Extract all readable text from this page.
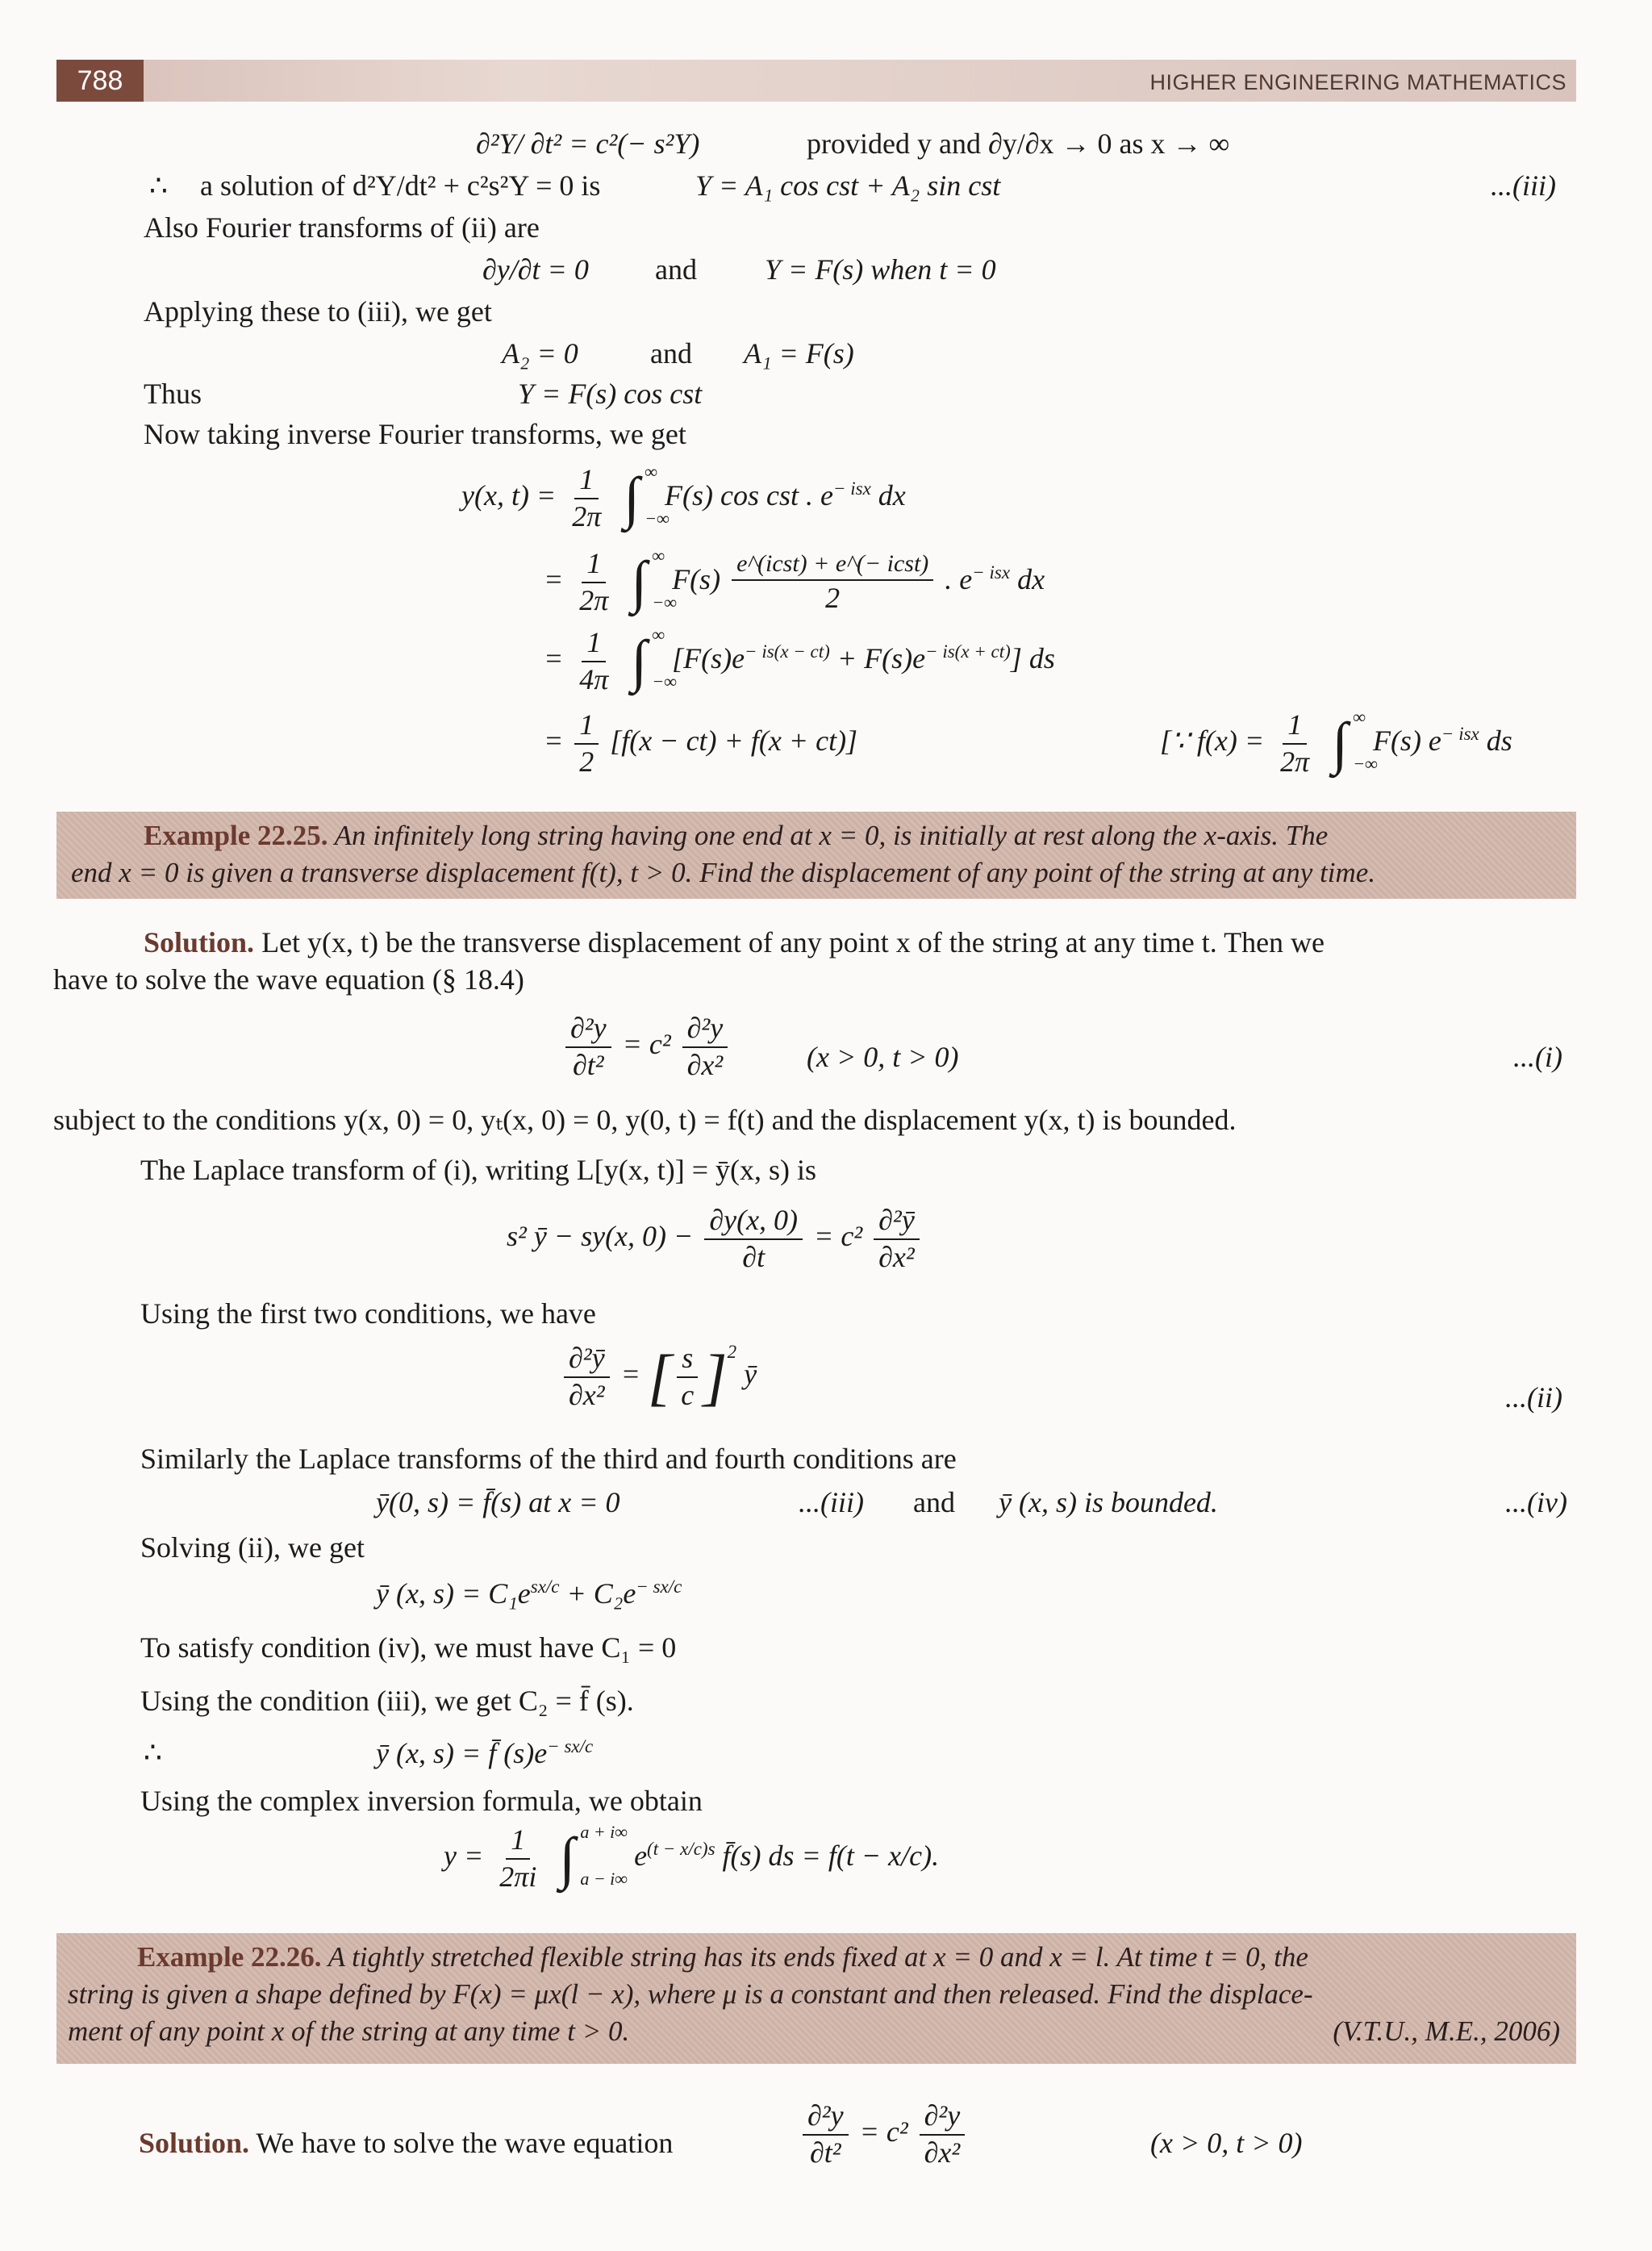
788	HIGHER ENGINEERING MATHEMATICS
∂²Y/ ∂t² = c²(− s²Y)	provided y and ∂y/∂x → 0 as x → ∞
∴ a solution of d²Y/dt² + c²s²Y = 0 is	Y = A₁ cos cst + A₂ sin cst	...(iii)
Also Fourier transforms of (ii) are
∂y/∂t = 0 and Y = F(s) when t = 0
Applying these to (iii), we get
A₂ = 0 and A₁ = F(s)
Thus	Y = F(s) cos cst
Now taking inverse Fourier transforms, we get
y(x, $t) = \frac{1}{2\pi}$ ∫ ∞
−∞
F(s) cos cst . $e^{- isx}$ dx
= $\frac{1}{2\pi}$ ∫ ∞
−∞
$F(s) \frac{\text{e\textasciicircum{}(icst) + e\textasciicircum{}(− icst)}}{2}$ . $e^{- isx}$ dx
= $\frac{1}{4\pi}$ ∫ ∞
−∞
$[F(s)e^{- is(x - ct)} + F(s)e^{- is(x + ct)}]$ ds
= $\frac{1}{2} [f(x - ct) + f(x + ct)]$	[∵ $f(x) = \frac{1}{2\pi}$ ∫ ∞
−∞
F(s) $e^{- isx}$ ds
Example 22.25. An infinitely long string having one end at x = 0, is initially at rest along the x-axis. The
end x = 0 is given a transverse displacement f(t), t > 0. Find the displacement of any point of the string at any time.
Solution. Let y(x, t) be the transverse displacement of any point x of the string at any time t. Then we
have to solve the wave equation (§ 18.4)
$\frac{\text{∂²y}}{\text{∂t²}} = c^2 \frac{\text{∂²y}}{\text{∂x²}}$	(x > 0, t > 0)	...(i)
subject to the conditions y(x, 0) = 0, yₜ(x, 0) = 0, y(0, t) = f(t) and the displacement y(x, t) is bounded.
The Laplace transform of (i), writing L[y(x, t)] = ȳ(x, s) is
s² ȳ − sy(x, $0) - \frac{\partial y(x, 0)}{\partial t} = c^2 \frac{\text{∂²ȳ}}{\text{∂x²}}$
Using the first two conditions, we have
$\frac{\text{∂²ȳ}}{\text{∂x²}}$ = [ $\frac{s}{c} ]^2$ ȳ
...(ii)
Similarly the Laplace transforms of the third and fourth conditions are
ȳ(0, s) = f̄(s) at x = 0	...(iii) and ȳ (x, s) is bounded.	...(iv)
Solving (ii), we get
ȳ (x, $s) = C_1e^{sx/c} + C_2e^{- sx/c}$
To satisfy condition (iv), we must have C₁ = 0
Using the condition (iii), we get C₂ = f̄ (s).
∴	ȳ (x, s) = f̄ $(s)e^{- sx/c}$
Using the complex inversion formula, we obtain
$y = \frac{1}{2\pi i}$ ∫ a + i∞
a − i∞
$e^{(t - x/c)s}$ f̄(s) ds = f(t − x/c).
Example 22.26. A tightly stretched flexible string has its ends fixed at x = 0 and x = l. At time t = 0, the
string is given a shape defined by F(x) = μx(l − x), where μ is a constant and then released. Find the displace-
ment of any point x of the string at any time t > 0.	(V.T.U., M.E., 2006)
Solution. We have to solve the wave equation	$\frac{\text{∂²y}}{\text{∂t²}} = c^2 \frac{\text{∂²y}}{\text{∂x²}}$	(x > 0, t > 0)
